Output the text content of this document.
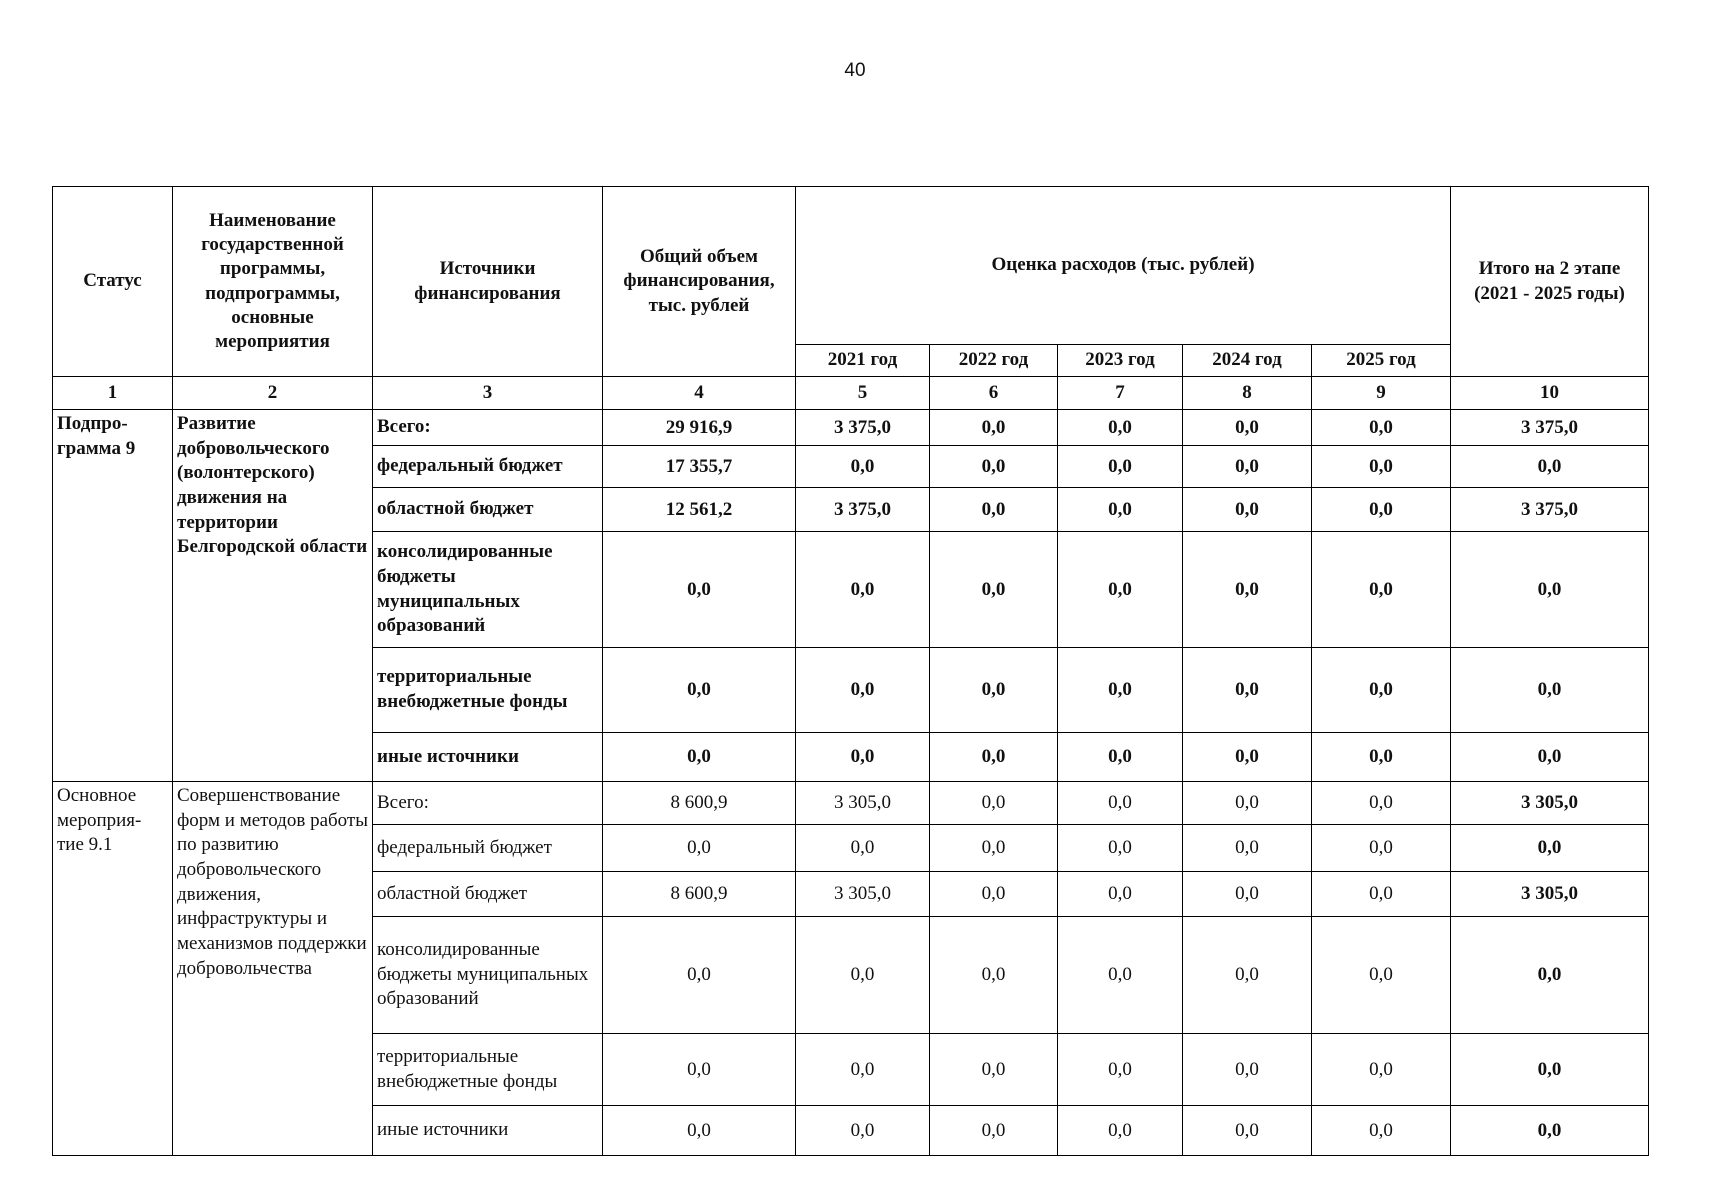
40
Статус	Наименование государственной программы, подпрограммы, основные мероприятия	Источники финансирования	Общий объем финансирования, тыс. рублей	Оценка расходов (тыс. рублей)					Итого на 2 этапе (2021 - 2025 годы)
				2021 год	2022 год	2023 год	2024 год	2025 год	
1	2	3	4	5	6	7	8	9	10
Подпро-грамма 9	Развитие добровольческого (волонтерского) движения на территории Белгородской области	Всего:	29 916,9	3 375,0	0,0	0,0	0,0	0,0	3 375,0
		федеральный бюджет	17 355,7	0,0	0,0	0,0	0,0	0,0	0,0
		областной бюджет	12 561,2	3 375,0	0,0	0,0	0,0	0,0	3 375,0
		консолидированные бюджеты муниципальных образований	0,0	0,0	0,0	0,0	0,0	0,0	0,0
		территориальные внебюджетные фонды	0,0	0,0	0,0	0,0	0,0	0,0	0,0
		иные источники	0,0	0,0	0,0	0,0	0,0	0,0	0,0
Основное мероприя-тие 9.1	Совершенствование форм и методов работы по развитию добровольческого движения, инфраструктуры и механизмов поддержки добровольчества	Всего:	8 600,9	3 305,0	0,0	0,0	0,0	0,0	3 305,0
		федеральный бюджет	0,0	0,0	0,0	0,0	0,0	0,0	0,0
		областной бюджет	8 600,9	3 305,0	0,0	0,0	0,0	0,0	3 305,0
		консолидированные бюджеты муниципальных образований	0,0	0,0	0,0	0,0	0,0	0,0	0,0
		территориальные внебюджетные фонды	0,0	0,0	0,0	0,0	0,0	0,0	0,0
		иные источники	0,0	0,0	0,0	0,0	0,0	0,0	0,0
